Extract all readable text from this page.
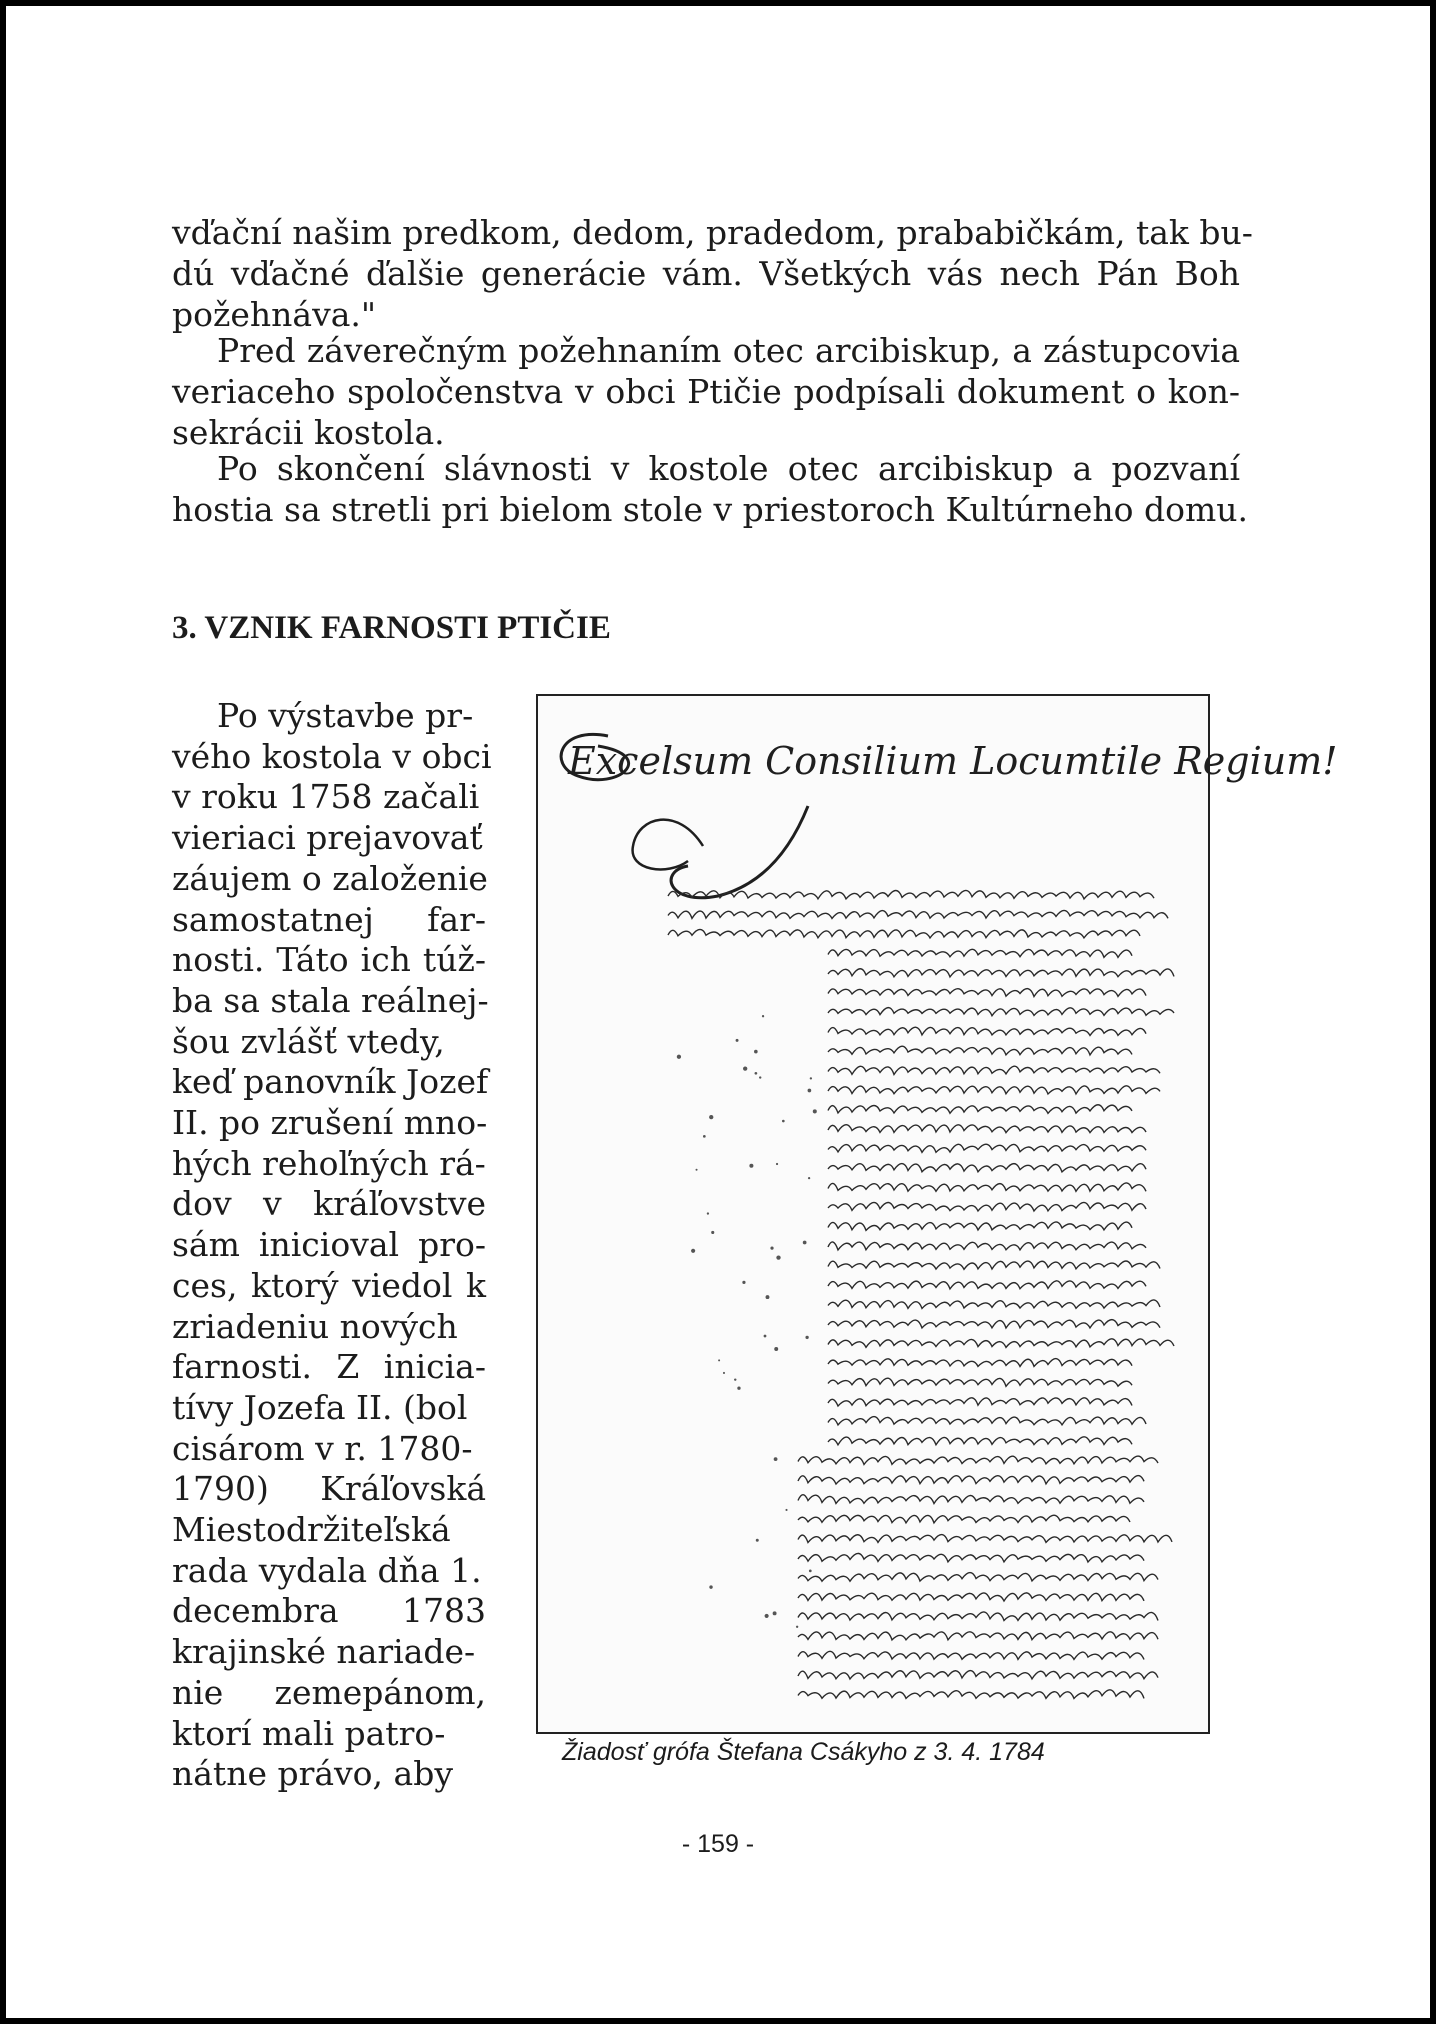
vďační našim predkom, dedom, pradedom, prababičkám, tak bu-
dú vďačné ďalšie generácie vám. Všetkých vás nech Pán Boh
požehnáva."
Pred záverečným požehnaním otec arcibiskup, a zástupcovia
veriaceho spoločenstva v obci Ptičie podpísali dokument o kon-
sekrácii kostola.
Po skončení slávnosti v kostole otec arcibiskup a pozvaní
hostia sa stretli pri bielom stole v priestoroch Kultúrneho domu.
3. VZNIK FARNOSTI PTIČIE
Po výstavbe pr-
vého kostola v obci
v roku 1758 začali
vieriaci prejavovať
záujem o založenie
samostatnej far-
nosti. Táto ich túž-
ba sa stala reálnej-
šou zvlášť vtedy,
keď panovník Jozef
II. po zrušení mno-
hých rehoľných rá-
dov v kráľovstve
sám inicioval pro-
ces, ktorý viedol k
zriadeniu nových
farnosti. Z inicia-
tívy Jozefa II. (bol
cisárom v r. 1780-
1790) Kráľovská
Miestodržiteľská
rada vydala dňa 1.
decembra 1783
krajinské nariade-
nie zemepánom,
ktorí mali patro-
nátne právo, aby
Excelsum Consilium Locumtile Regium!
Žiadosť grófa Štefana Csákyho z 3. 4. 1784
- 159 -
